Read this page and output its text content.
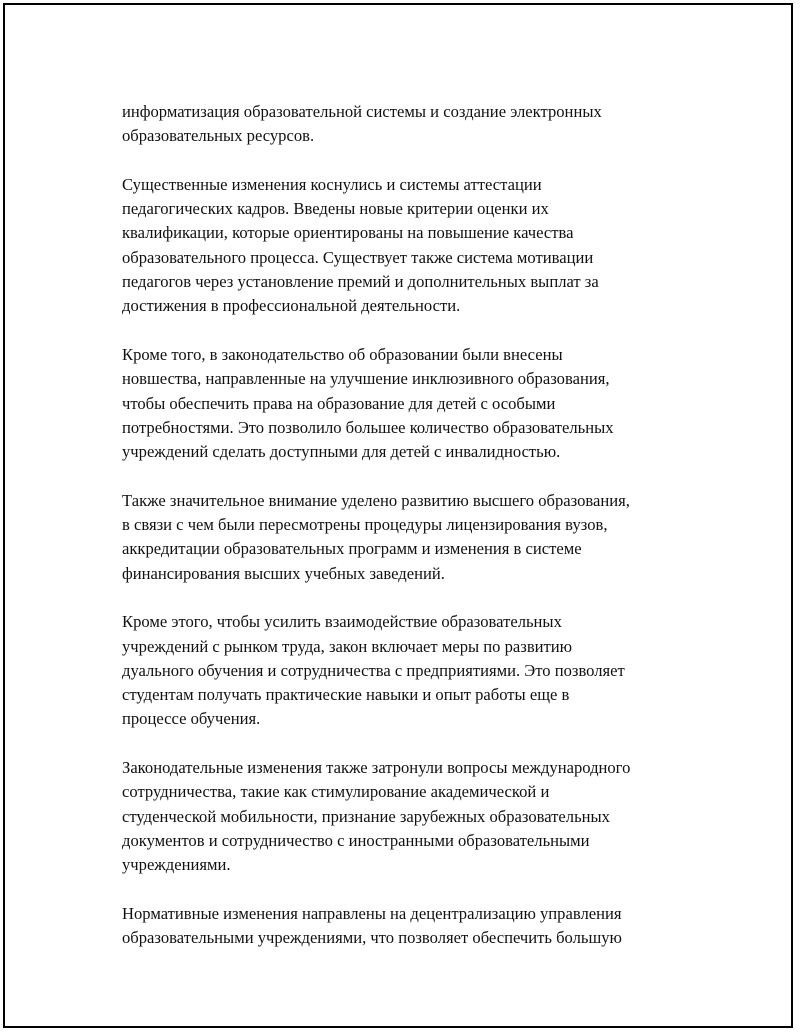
информатизация образовательной системы и создание электронных
образовательных ресурсов.

Существенные изменения коснулись и системы аттестации
педагогических кадров. Введены новые критерии оценки их
квалификации, которые ориентированы на повышение качества
образовательного процесса. Существует также система мотивации
педагогов через установление премий и дополнительных выплат за
достижения в профессиональной деятельности.

Кроме того, в законодательство об образовании были внесены
новшества, направленные на улучшение инклюзивного образования,
чтобы обеспечить права на образование для детей с особыми
потребностями. Это позволило большее количество образовательных
учреждений сделать доступными для детей с инвалидностью.

Также значительное внимание уделено развитию высшего образования,
в связи с чем были пересмотрены процедуры лицензирования вузов,
аккредитации образовательных программ и изменения в системе
финансирования высших учебных заведений.

Кроме этого, чтобы усилить взаимодействие образовательных
учреждений с рынком труда, закон включает меры по развитию
дуального обучения и сотрудничества с предприятиями. Это позволяет
студентам получать практические навыки и опыт работы еще в
процессе обучения.

Законодательные изменения также затронули вопросы международного
сотрудничества, такие как стимулирование академической и
студенческой мобильности, признание зарубежных образовательных
документов и сотрудничество с иностранными образовательными
учреждениями.

Нормативные изменения направлены на децентрализацию управления
образовательными учреждениями, что позволяет обеспечить большую
